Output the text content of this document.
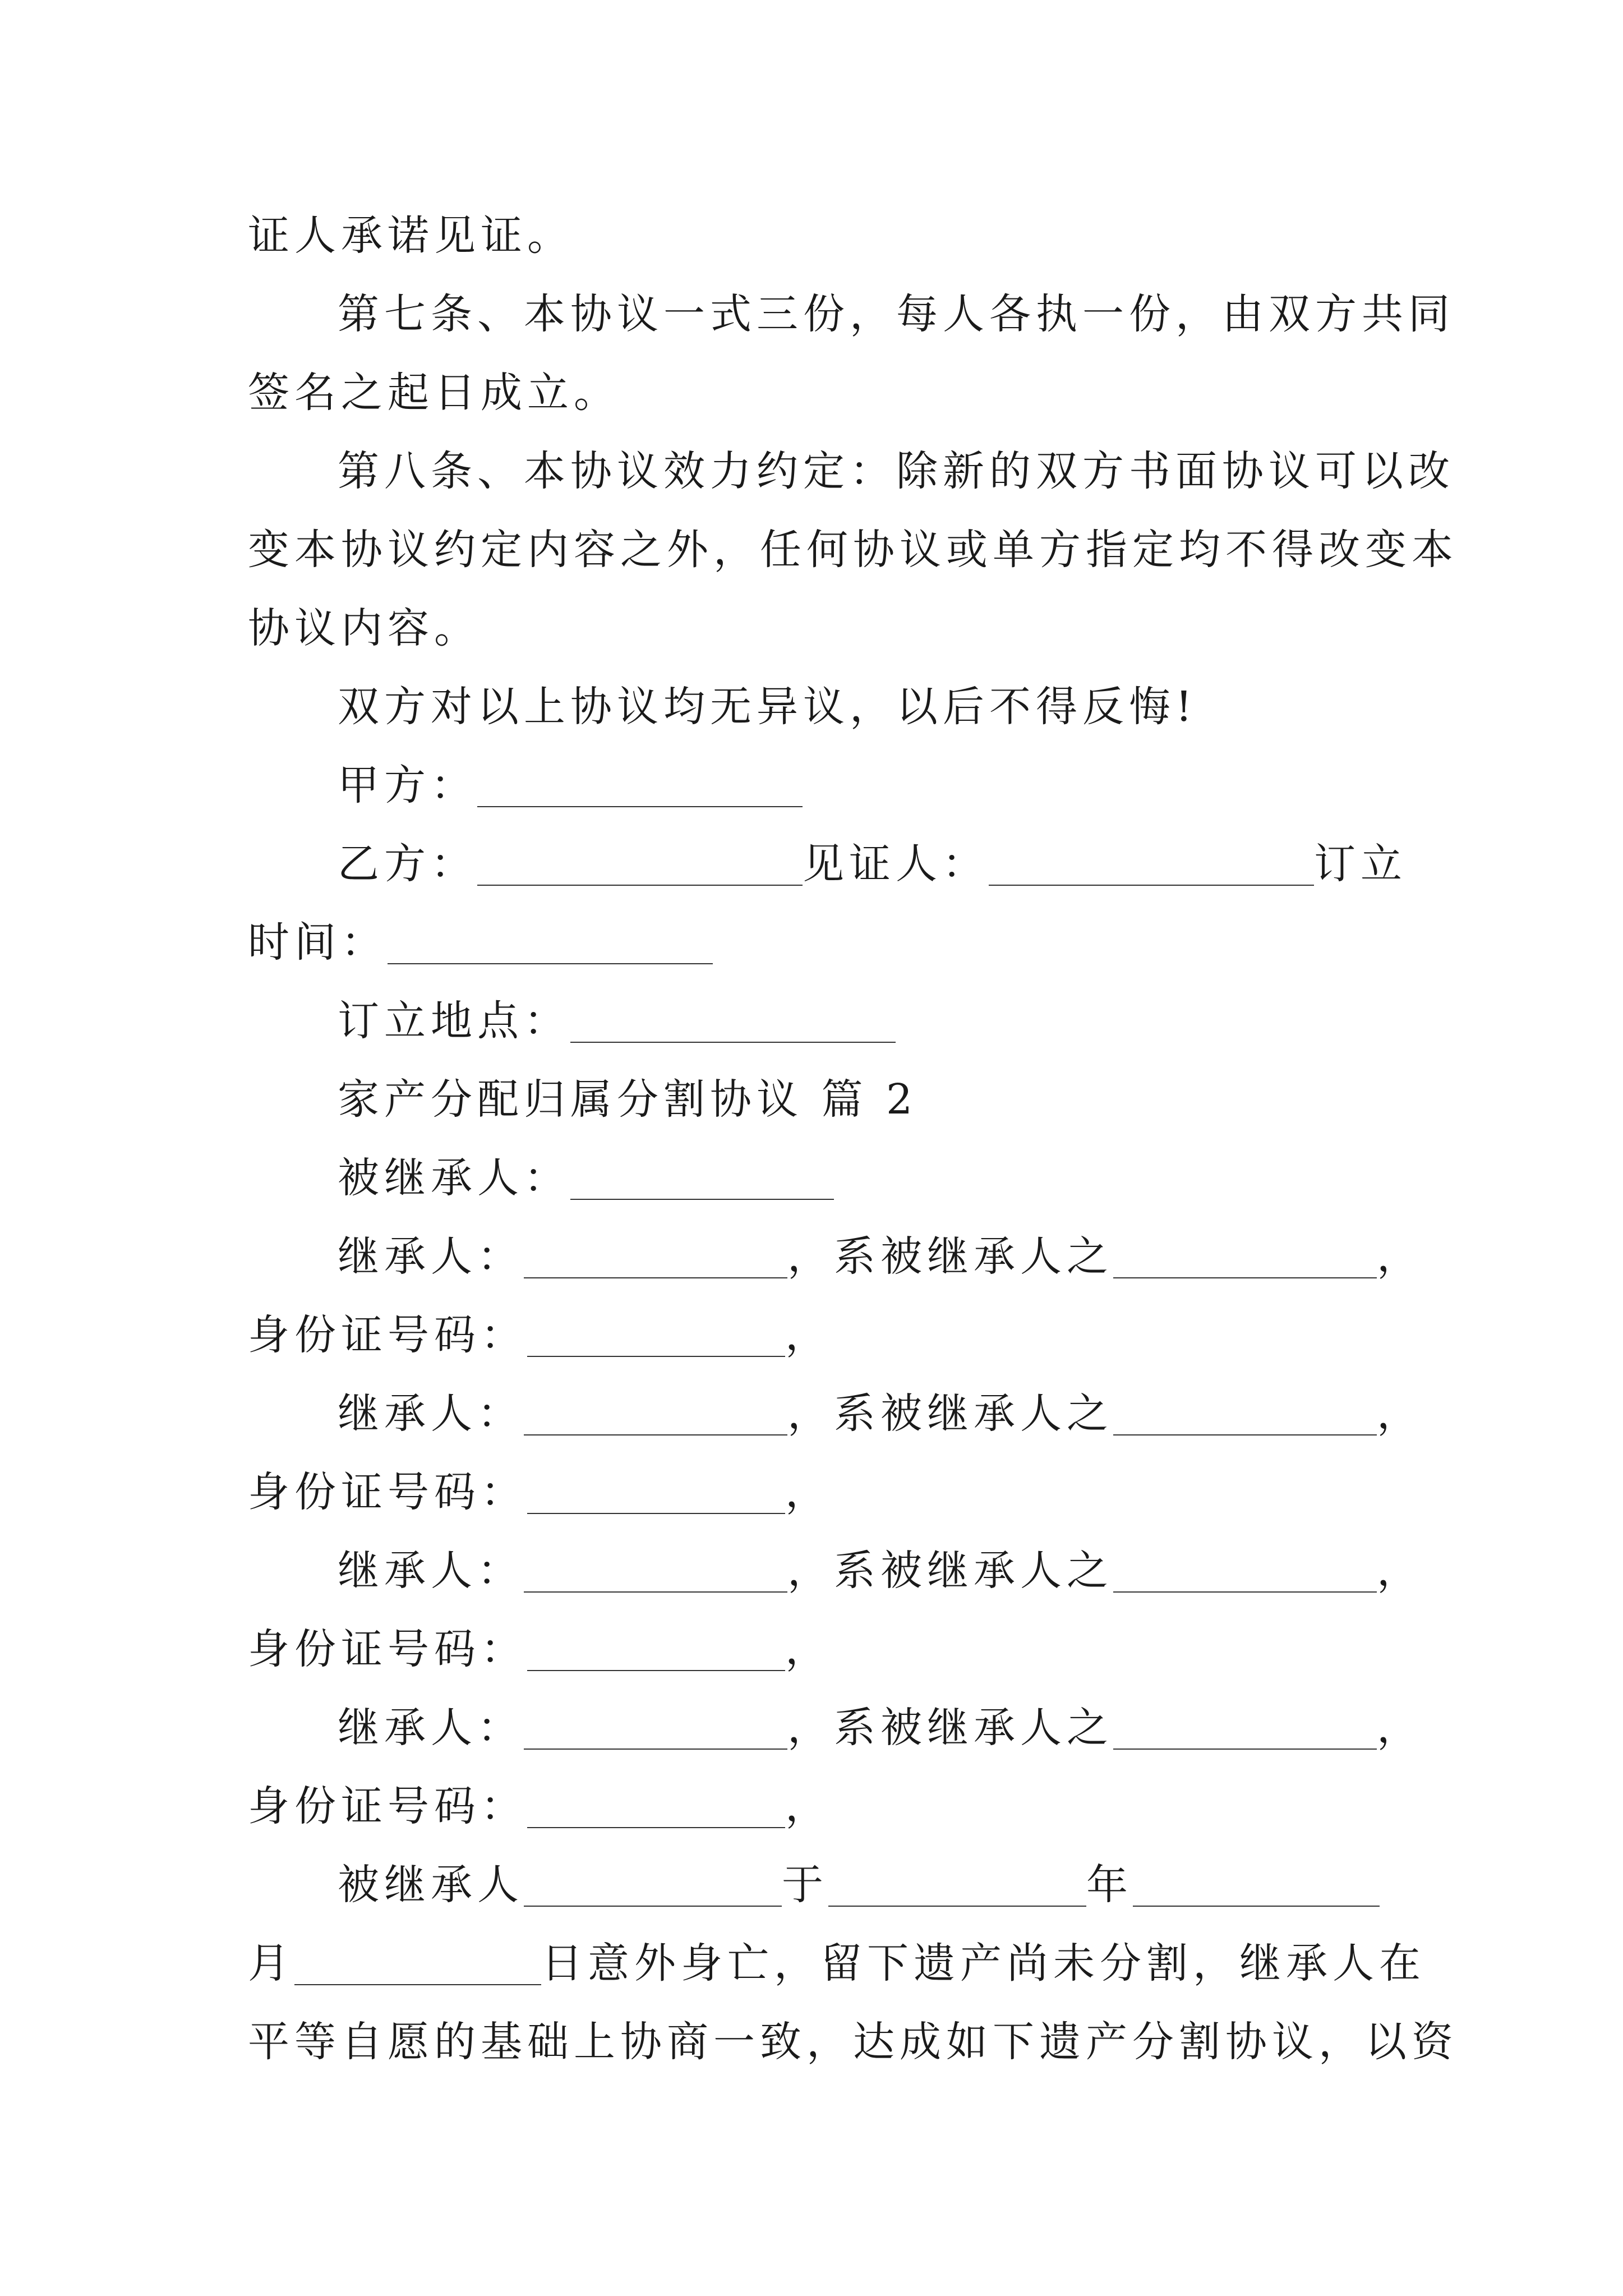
证人承诺见证。
第七条、本协议一式三份，每人各执一份，由双方共同
签名之起日成立。
第八条、本协议效力约定：除新的双方书面协议可以改
变本协议约定内容之外，任何协议或单方指定均不得改变本
协议内容。
双方对以上协议均无异议，以后不得反悔!
甲方：
乙方：	见证人：	订立
时间：
订立地点：
家产分配归属分割协议 篇 2
被继承人：
继承人：	，系被继承人之	，
身份证号码：	，
继承人：	，系被继承人之	，
身份证号码：	，
继承人：	，系被继承人之	，
身份证号码：	，
继承人：	，系被继承人之	，
身份证号码：	，
被继承人	于	年
月	日意外身亡，留下遗产尚未分割，继承人在
平等自愿的基础上协商一致，达成如下遗产分割协议，以资
